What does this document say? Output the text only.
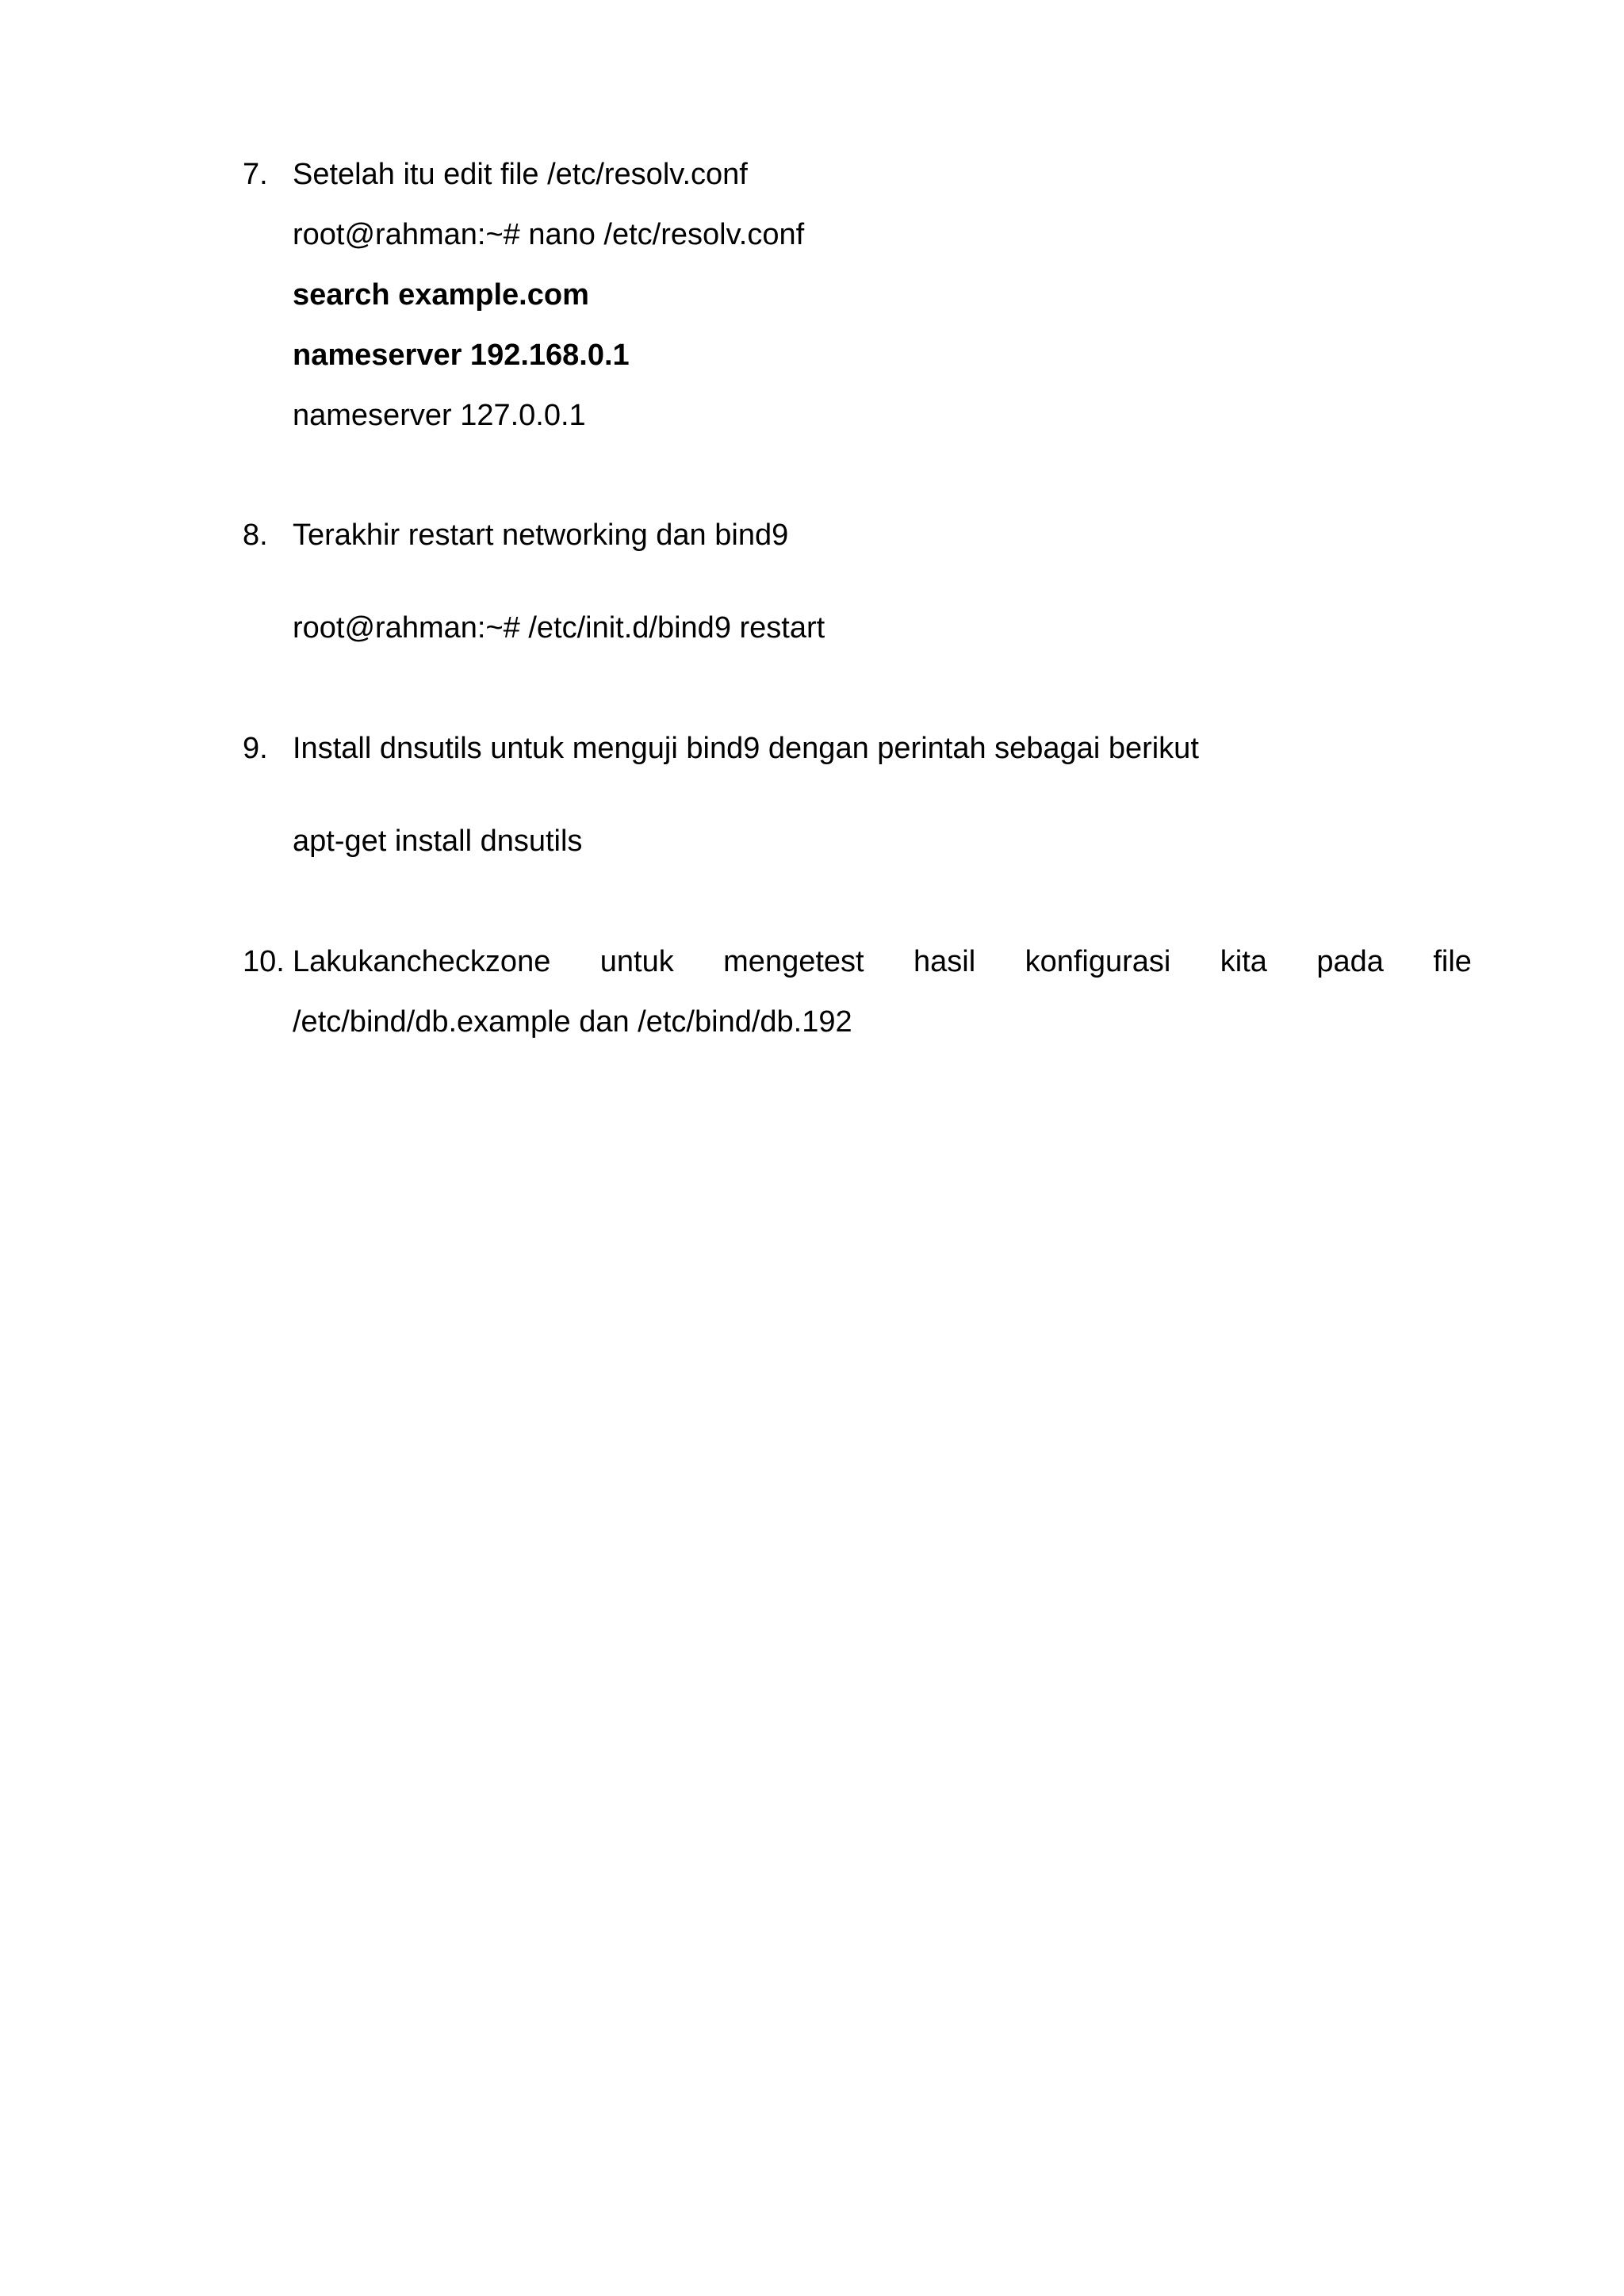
7. Setelah itu edit file /etc/resolv.conf
root@rahman:~# nano /etc/resolv.conf
search example.com
nameserver 192.168.0.1
nameserver 127.0.0.1
8. Terakhir restart networking dan bind9
root@rahman:~# /etc/init.d/bind9 restart
9. Install dnsutils untuk menguji bind9 dengan perintah sebagai berikut
apt-get install dnsutils
10. Lakukancheckzone untuk mengetest hasil konfigurasi kita pada file
/etc/bind/db.example dan /etc/bind/db.192
